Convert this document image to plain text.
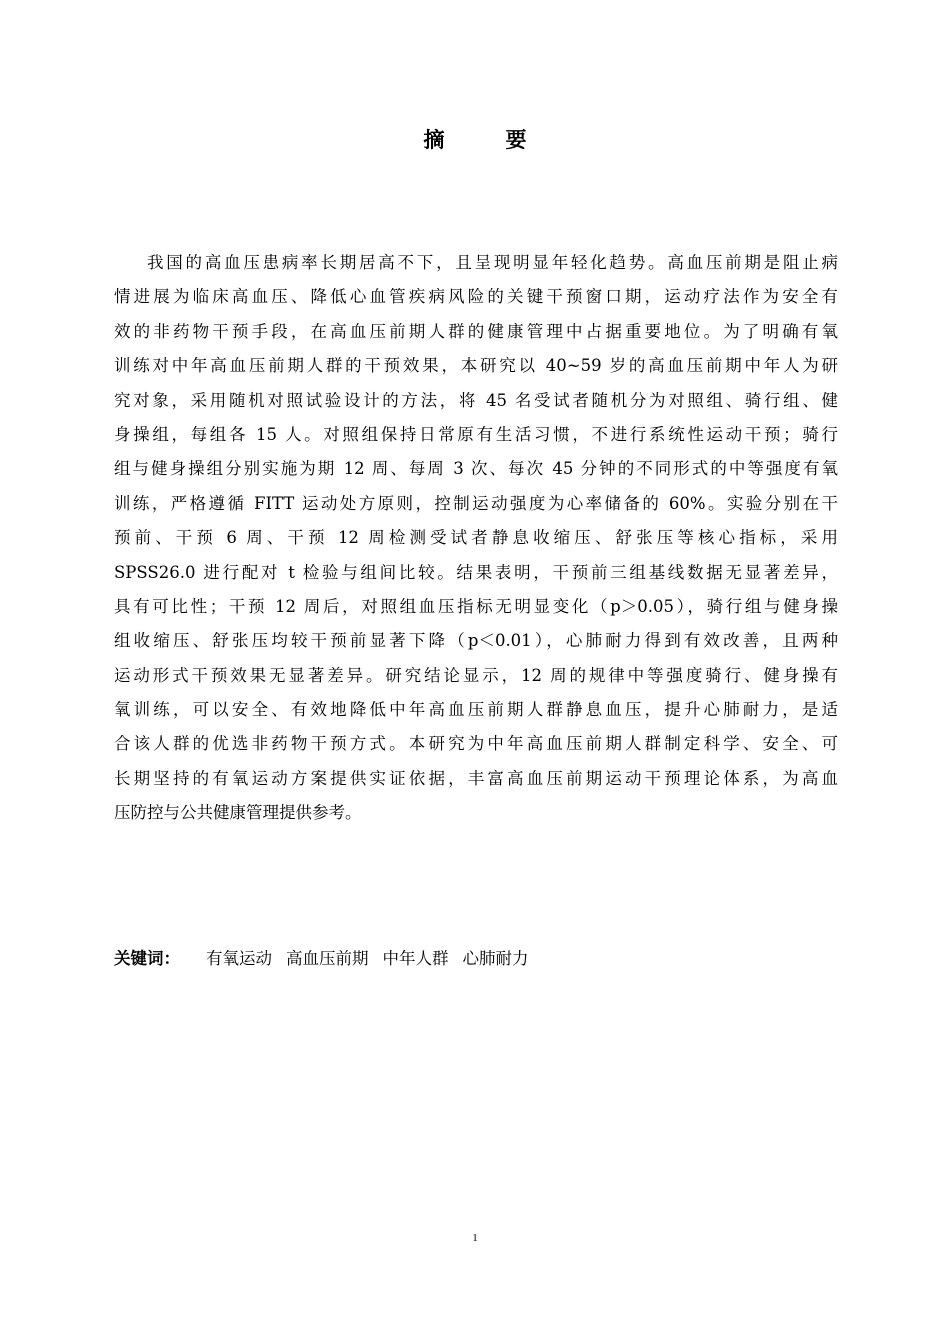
摘　要
我国的高血压患病率长期居高不下，且呈现明显年轻化趋势。高血压前期是阻止病
情进展为临床高血压、降低心血管疾病风险的关键干预窗口期，运动疗法作为安全有
效的非药物干预手段，在高血压前期人群的健康管理中占据重要地位。为了明确有氧
训练对中年高血压前期人群的干预效果，本研究以 40~59 岁的高血压前期中年人为研
究对象，采用随机对照试验设计的方法，将 45 名受试者随机分为对照组、骑行组、健
身操组，每组各 15 人。对照组保持日常原有生活习惯，不进行系统性运动干预；骑行
组与健身操组分别实施为期 12 周、每周 3 次、每次 45 分钟的不同形式的中等强度有氧
训练，严格遵循 FITT 运动处方原则，控制运动强度为心率储备的 60%。实验分别在干
预前、干预 6 周、干预 12 周检测受试者静息收缩压、舒张压等核心指标，采用
SPSS26.0 进行配对 t 检验与组间比较。结果表明，干预前三组基线数据无显著差异，
具有可比性；干预 12 周后，对照组血压指标无明显变化（p＞0.05），骑行组与健身操
组收缩压、舒张压均较干预前显著下降（p＜0.01），心肺耐力得到有效改善，且两种
运动形式干预效果无显著差异。研究结论显示，12 周的规律中等强度骑行、健身操有
氧训练，可以安全、有效地降低中年高血压前期人群静息血压，提升心肺耐力，是适
合该人群的优选非药物干预方式。本研究为中年高血压前期人群制定科学、安全、可
长期坚持的有氧运动方案提供实证依据，丰富高血压前期运动干预理论体系，为高血
压防控与公共健康管理提供参考。
关键词： 有氧运动 高血压前期 中年人群 心肺耐力
1
